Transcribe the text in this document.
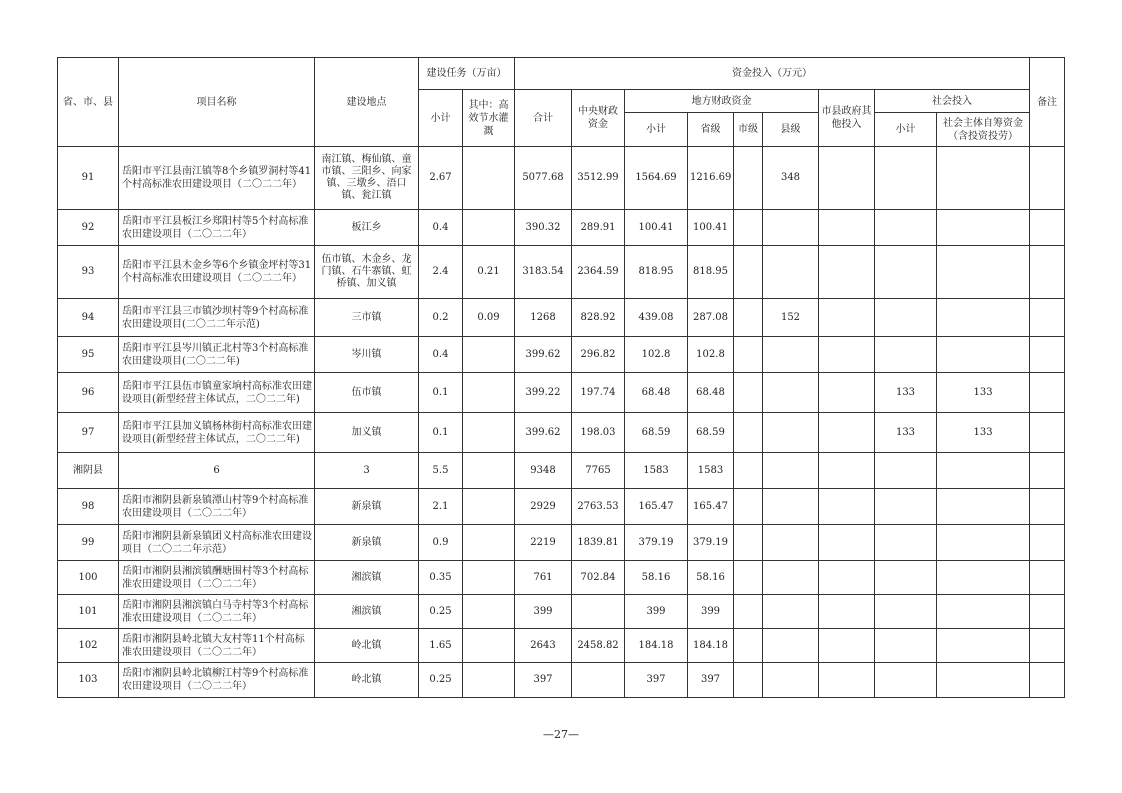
省、市、县	项目名称	建设地点	建设任务（万亩）		资金投入（万元）									备注
			小计	其中：高效节水灌溉	合计	中央财政资金	地方财政资金				市县政府其他投入	社会投入		
							小计	省级	市级	县级		小计	社会主体自筹资金（含投资投劳）	
91	岳阳市平江县南江镇等8个乡镇罗洞村等41个村高标准农田建设项目（二〇二二年）	南江镇、梅仙镇、童市镇、三阳乡、向家镇、三墩乡、浯口镇、瓮江镇	2.67		5077.68	3512.99	1564.69	1216.69		348				
92	岳阳市平江县板江乡郑阳村等5个村高标准农田建设项目（二〇二二年）	板江乡	0.4		390.32	289.91	100.41	100.41						
93	岳阳市平江县木金乡等6个乡镇金坪村等31个村高标准农田建设项目（二〇二二年）	伍市镇、木金乡、龙门镇、石牛寨镇、虹桥镇、加义镇	2.4	0.21	3183.54	2364.59	818.95	818.95						
94	岳阳市平江县三市镇沙坝村等9个村高标准农田建设项目(二〇二二年示范)	三市镇	0.2	0.09	1268	828.92	439.08	287.08		152				
95	岳阳市平江县岑川镇正北村等3个村高标准农田建设项目(二〇二二年)	岑川镇	0.4		399.62	296.82	102.8	102.8						
96	岳阳市平江县伍市镇童家垧村高标准农田建设项目(新型经营主体试点，二〇二二年)	伍市镇	0.1		399.22	197.74	68.48	68.48				133	133	
97	岳阳市平江县加义镇杨林街村高标准农田建设项目(新型经营主体试点，二〇二二年)	加义镇	0.1		399.62	198.03	68.59	68.59				133	133	
湘阴县	6	3	5.5		9348	7765	1583	1583						
98	岳阳市湘阴县新泉镇潭山村等9个村高标准农田建设项目（二〇二二年）	新泉镇	2.1		2929	2763.53	165.47	165.47						
99	岳阳市湘阴县新泉镇团义村高标准农田建设项目（二〇二二年示范）	新泉镇	0.9		2219	1839.81	379.19	379.19						
100	岳阳市湘阴县湘滨镇酬塘围村等3个村高标准农田建设项目（二〇二二年）	湘滨镇	0.35		761	702.84	58.16	58.16						
101	岳阳市湘阴县湘滨镇白马寺村等3个村高标准农田建设项目（二〇二二年）	湘滨镇	0.25		399		399	399						
102	岳阳市湘阴县岭北镇大友村等11个村高标准农田建设项目（二〇二二年）	岭北镇	1.65		2643	2458.82	184.18	184.18						
103	岳阳市湘阴县岭北镇柳江村等9个村高标准农田建设项目（二〇二二年）	岭北镇	0.25		397		397	397						
—27—
